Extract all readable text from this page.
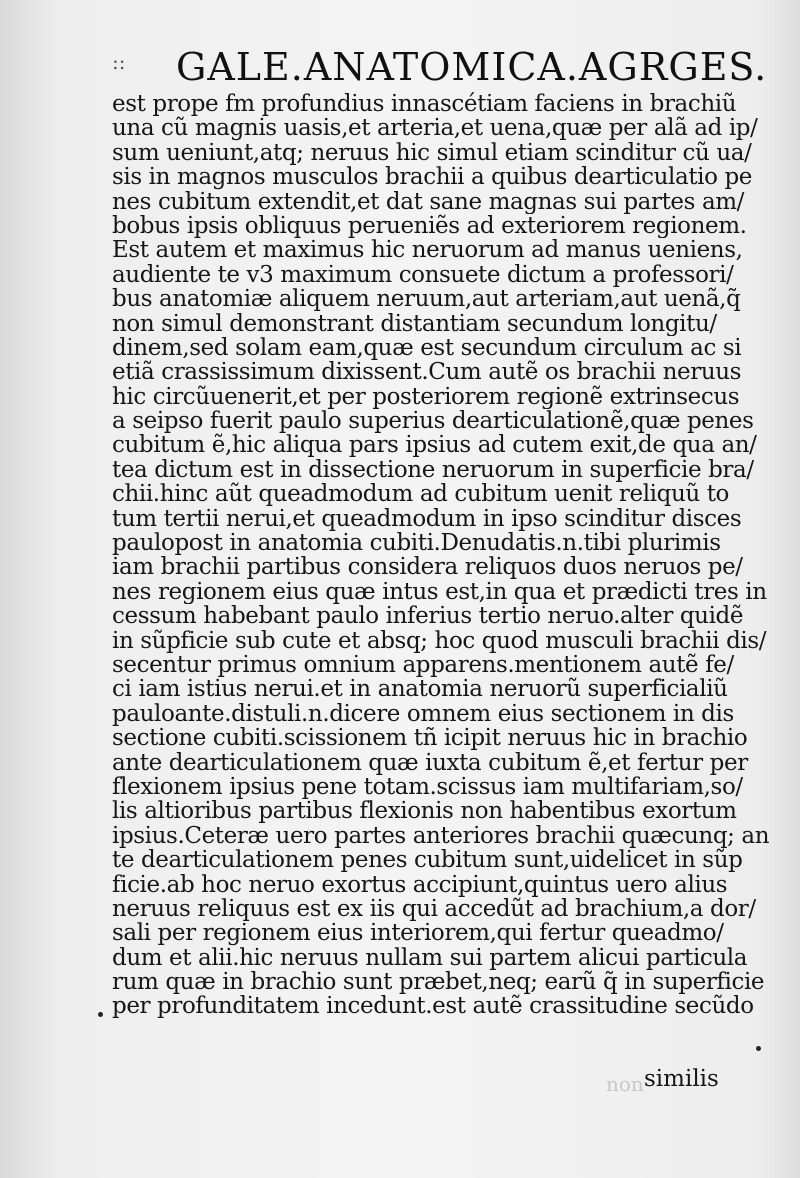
:: GALE.ANATOMICA.AGRGES.
est prope fm profundius innascétiam faciens in brachiũ
una cũ magnis uasis,et arteria,et uena,quæ per alã ad ip/
sum ueniunt,atq; neruus hic simul etiam scinditur cũ ua/
sis in magnos musculos brachii a quibus dearticulatio pe
nes cubitum extendit,et dat sane magnas sui partes am/
bobus ipsis obliquus perueniẽs ad exteriorem regionem.
Est autem et maximus hic neruorum ad manus ueniens,
audiente te v3 maximum consuete dictum a professori/
bus anatomiæ aliquem neruum,aut arteriam,aut uenã,q̃
non simul demonstrant distantiam secundum longitu/
dinem,sed solam eam,quæ est secundum circulum ac si
etiã crassissimum dixissent.Cum autẽ os brachii neruus
hic circũuenerit,et per posteriorem regionẽ extrinsecus
a seipso fuerit paulo superius dearticulationẽ,quæ penes
cubitum ẽ,hic aliqua pars ipsius ad cutem exit,de qua an/
tea dictum est in dissectione neruorum in superficie bra/
chii.hinc aũt queadmodum ad cubitum uenit reliquũ to
tum tertii nerui,et queadmodum in ipso scinditur disces
paulopost in anatomia cubiti.Denudatis.n.tibi plurimis
iam brachii partibus considera reliquos duos neruos pe/
nes regionem eius quæ intus est,in qua et prædicti tres in
cessum habebant paulo inferius tertio neruo.alter quidẽ
in sũpficie sub cute et absq; hoc quod musculi brachii dis/
secentur primus omnium apparens.mentionem autẽ fe/
ci iam istius nerui.et in anatomia neruorũ superficialiũ
pauloante.distuli.n.dicere omnem eius sectionem in dis
sectione cubiti.scissionem tñ icipit neruus hic in brachio
ante dearticulationem quæ iuxta cubitum ẽ,et fertur per
flexionem ipsius pene totam.scissus iam multifariam,so/
lis altioribus partibus flexionis non habentibus exortum
ipsius.Ceteræ uero partes anteriores brachii quæcunq; an
te dearticulationem penes cubitum sunt,uidelicet in sũp
ficie.ab hoc neruo exortus accipiunt,quintus uero alius
neruus reliquus est ex iis qui accedũt ad brachium,a dor/
sali per regionem eius interiorem,qui fertur queadmo/
dum et alii.hic neruus nullam sui partem alicui particula
rum quæ in brachio sunt præbet,neq; earũ q̃ in superficie
per profunditatem incedunt.est autẽ crassitudine secũdo
non similis
